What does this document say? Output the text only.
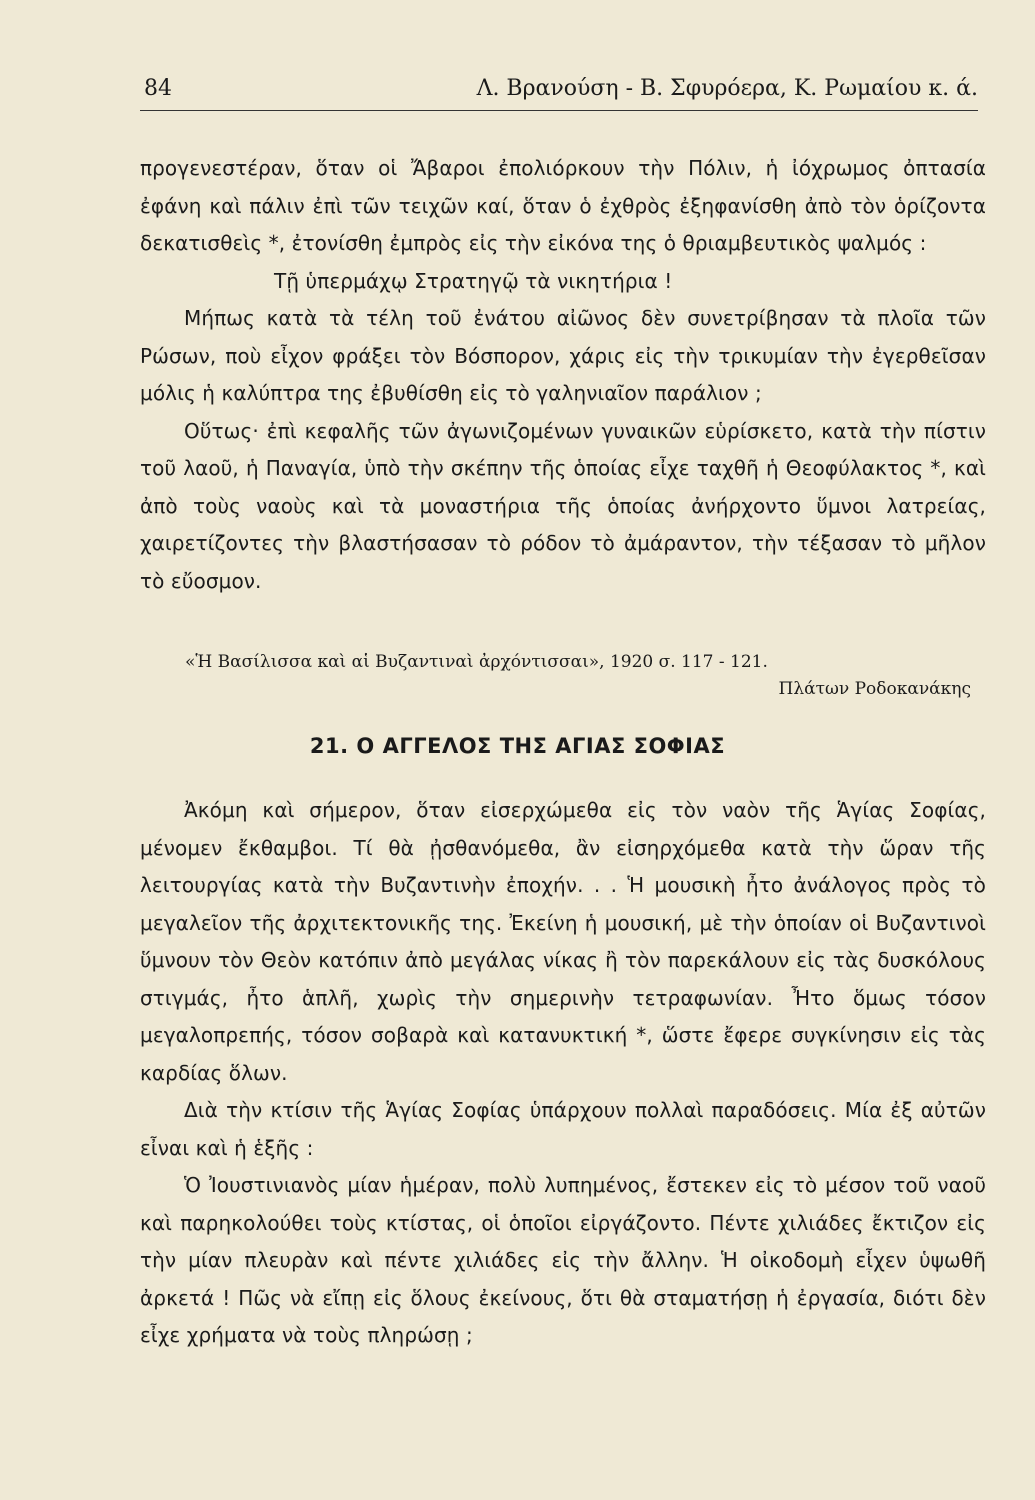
84	Λ. Βρανούση - Β. Σφυρόερα, Κ. Ρωμαίου κ. ά.

προγενεστέραν, ὅταν οἱ Ἄβαροι ἐπολιόρκουν τὴν Πόλιν, ἡ ἰόχρωμος ὀπτασία ἐφάνη καὶ πάλιν ἐπὶ τῶν τειχῶν καί, ὅταν ὁ ἐχθρὸς ἐξηφανίσθη ἀπὸ τὸν ὁρίζοντα δεκατισθεὶς *, ἐτονίσθη ἐμπρὸς εἰς τὴν εἰκόνα της ὁ θριαμβευτικὸς ψαλμός :

Τῇ ὑπερμάχῳ Στρατηγῷ τὰ νικητήρια !

Μήπως κατὰ τὰ τέλη τοῦ ἐνάτου αἰῶνος δὲν συνετρίβησαν τὰ πλοῖα τῶν Ρώσων, ποὺ εἶχον φράξει τὸν Βόσπορον, χάρις εἰς τὴν τρικυμίαν τὴν ἐγερθεῖσαν μόλις ἡ καλύπτρα της ἐβυθίσθη εἰς τὸ γαληνιαῖον παράλιον ;

Οὕτως· ἐπὶ κεφαλῆς τῶν ἀγωνιζομένων γυναικῶν εὑρίσκετο, κατὰ τὴν πίστιν τοῦ λαοῦ, ἡ Παναγία, ὑπὸ τὴν σκέπην τῆς ὁποίας εἶχε ταχθῆ ἡ Θεοφύλακτος *, καὶ ἀπὸ τοὺς ναοὺς καὶ τὰ μοναστήρια τῆς ὁποίας ἀνήρχοντο ὕμνοι λατρείας, χαιρετίζοντες τὴν βλαστήσασαν τὸ ρόδον τὸ ἀμάραντον, τὴν τέξασαν τὸ μῆλον τὸ εὔοσμον.

«Ἡ Βασίλισσα καὶ αἱ Βυζαντιναὶ ἀρχόντισσαι», 1920 σ. 117 - 121.
Πλάτων Ροδοκανάκης
21. Ο ΑΓΓΕΛΟΣ ΤΗΣ ΑΓΙΑΣ ΣΟΦΙΑΣ

Ἀκόμη καὶ σήμερον, ὅταν εἰσερχώμεθα εἰς τὸν ναὸν τῆς Ἁγίας Σοφίας, μένομεν ἔκθαμβοι. Τί θὰ ᾐσθανόμεθα, ἂν εἰσηρχόμεθα κατὰ τὴν ὥραν τῆς λειτουργίας κατὰ τὴν Βυζαντινὴν ἐποχήν. . . Ἡ μουσικὴ ἦτο ἀνάλογος πρὸς τὸ μεγαλεῖον τῆς ἀρχιτεκτονικῆς της. Ἐκείνη ἡ μουσική, μὲ τὴν ὁποίαν οἱ Βυζαντινοὶ ὕμνουν τὸν Θεὸν κατόπιν ἀπὸ μεγάλας νίκας ἢ τὸν παρεκάλουν εἰς τὰς δυσκόλους στιγμάς, ἦτο ἁπλῆ, χωρὶς τὴν σημερινὴν τετραφωνίαν. Ἦτο ὅμως τόσον μεγαλοπρεπής, τόσον σοβαρὰ καὶ κατανυκτική *, ὥστε ἔφερε συγκίνησιν εἰς τὰς καρδίας ὅλων.

Διὰ τὴν κτίσιν τῆς Ἁγίας Σοφίας ὑπάρχουν πολλαὶ παραδόσεις. Μία ἐξ αὐτῶν εἶναι καὶ ἡ ἑξῆς :

Ὁ Ἰουστινιανὸς μίαν ἡμέραν, πολὺ λυπημένος, ἔστεκεν εἰς τὸ μέσον τοῦ ναοῦ καὶ παρηκολούθει τοὺς κτίστας, οἱ ὁποῖοι εἰργάζοντο. Πέντε χιλιάδες ἔκτιζον εἰς τὴν μίαν πλευρὰν καὶ πέντε χιλιάδες εἰς τὴν ἄλλην. Ἡ οἰκοδομὴ εἶχεν ὑψωθῆ ἀρκετά ! Πῶς νὰ εἴπῃ εἰς ὅλους ἐκείνους, ὅτι θὰ σταματήσῃ ἡ ἐργασία, διότι δὲν εἶχε χρήματα νὰ τοὺς πληρώσῃ ;
